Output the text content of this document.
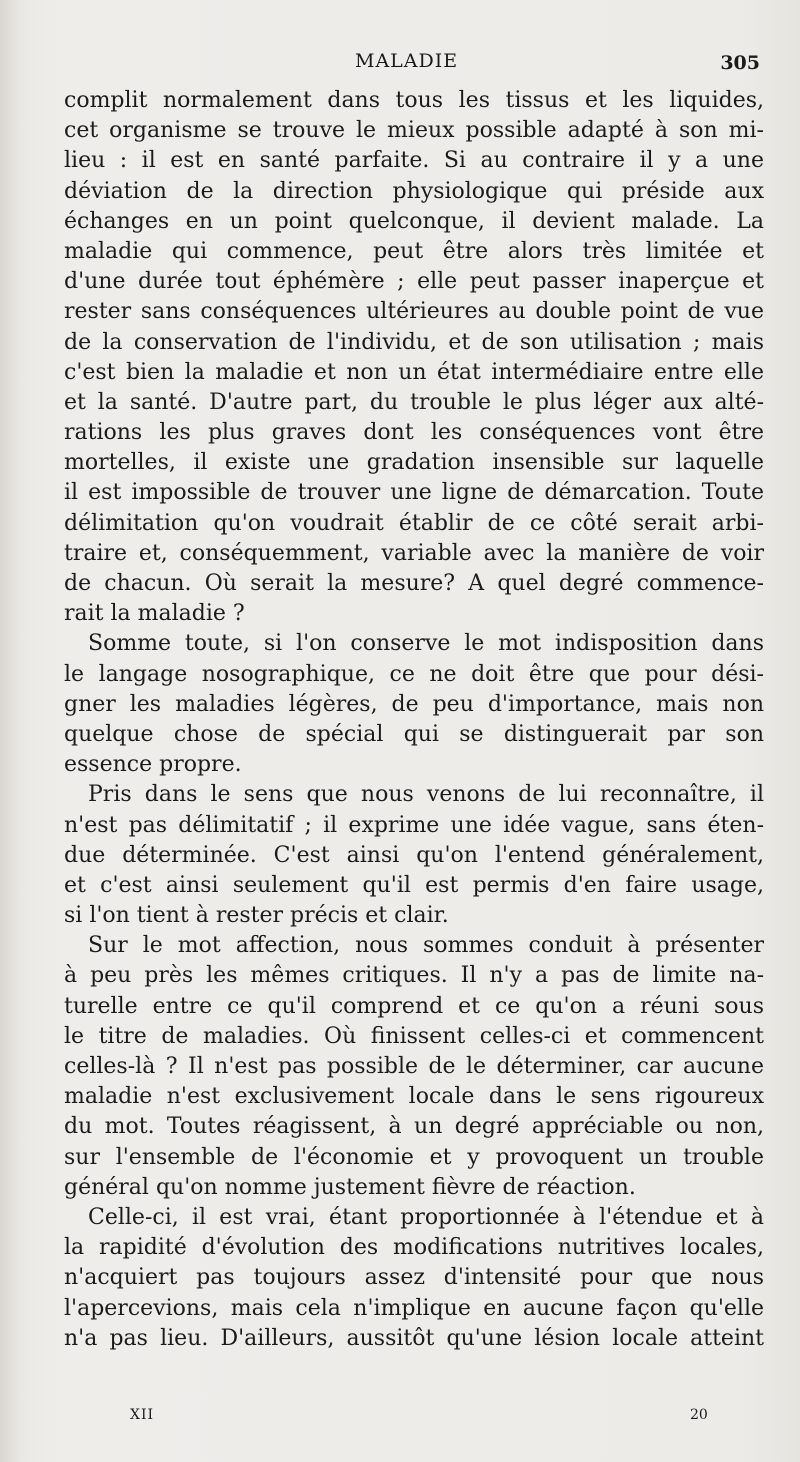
MALADIE	305
complit normalement dans tous les tissus et les liquides,
cet organisme se trouve le mieux possible adapté à son mi-
lieu : il est en santé parfaite. Si au contraire il y a une
déviation de la direction physiologique qui préside aux
échanges en un point quelconque, il devient malade. La
maladie qui commence, peut être alors très limitée et
d'une durée tout éphémère ; elle peut passer inaperçue et
rester sans conséquences ultérieures au double point de vue
de la conservation de l'individu, et de son utilisation ; mais
c'est bien la maladie et non un état intermédiaire entre elle
et la santé. D'autre part, du trouble le plus léger aux alté-
rations les plus graves dont les conséquences vont être
mortelles, il existe une gradation insensible sur laquelle
il est impossible de trouver une ligne de démarcation. Toute
délimitation qu'on voudrait établir de ce côté serait arbi-
traire et, conséquemment, variable avec la manière de voir
de chacun. Où serait la mesure? A quel degré commence-
rait la maladie ?
Somme toute, si l'on conserve le mot indisposition dans
le langage nosographique, ce ne doit être que pour dési-
gner les maladies légères, de peu d'importance, mais non
quelque chose de spécial qui se distinguerait par son
essence propre.
Pris dans le sens que nous venons de lui reconnaître, il
n'est pas délimitatif ; il exprime une idée vague, sans éten-
due déterminée. C'est ainsi qu'on l'entend généralement,
et c'est ainsi seulement qu'il est permis d'en faire usage,
si l'on tient à rester précis et clair.
Sur le mot affection, nous sommes conduit à présenter
à peu près les mêmes critiques. Il n'y a pas de limite na-
turelle entre ce qu'il comprend et ce qu'on a réuni sous
le titre de maladies. Où finissent celles-ci et commencent
celles-là ? Il n'est pas possible de le déterminer, car aucune
maladie n'est exclusivement locale dans le sens rigoureux
du mot. Toutes réagissent, à un degré appréciable ou non,
sur l'ensemble de l'économie et y provoquent un trouble
général qu'on nomme justement fièvre de réaction.
Celle-ci, il est vrai, étant proportionnée à l'étendue et à
la rapidité d'évolution des modifications nutritives locales,
n'acquiert pas toujours assez d'intensité pour que nous
l'apercevions, mais cela n'implique en aucune façon qu'elle
n'a pas lieu. D'ailleurs, aussitôt qu'une lésion locale atteint
XII	20
